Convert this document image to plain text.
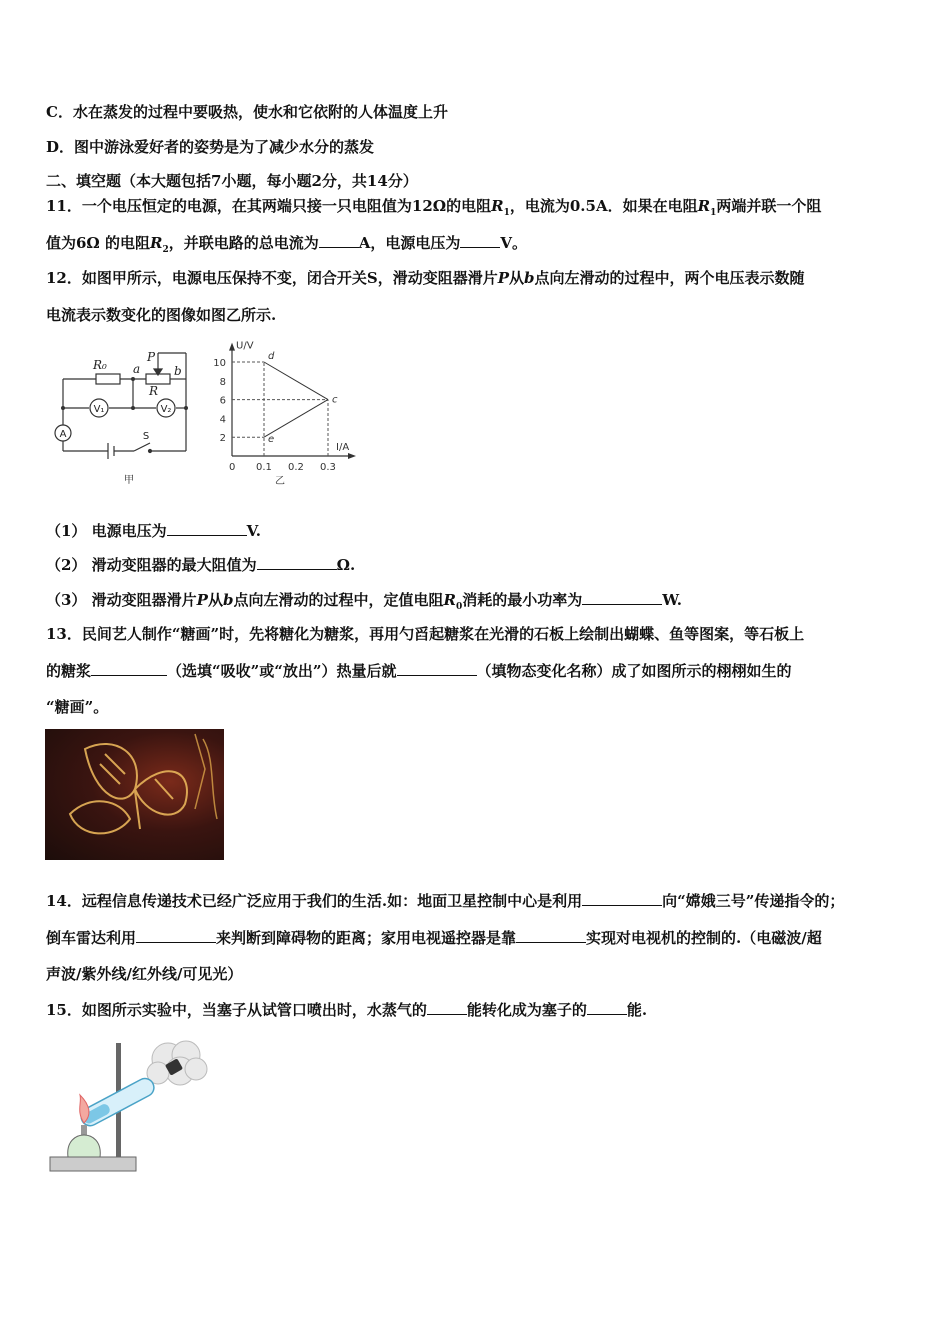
C．水在蒸发的过程中要吸热，使水和它依附的人体温度上升
D．图中游泳爱好者的姿势是为了减少水分的蒸发
二、填空题（本大题包括7小题，每小题2分，共14分）
11．一个电压恒定的电源，在其两端只接一只电阻值为12Ω的电阻$R_1$，电流为0.5A．如果在电阻$R_1$两端并联一个阻
值为6Ω 的电阻$R_2$，并联电路的总电流为	A，电源电压为	V。
12．如图甲所示，电源电压保持不变，闭合开关S，滑动变阻器滑片P从b点向左滑动的过程中，两个电压表示数随
电流表示数变化的图像如图乙所示.
R₀ a
P
b
R
V₁	V₂
A	S
甲
U/V
I/A
0 0.1 0.2 0.3
2
4
6
8
10
d
c
e
乙
（1） 电源电压为	V.
（2） 滑动变阻器的最大阻值为	Ω.
（3） 滑动变阻器滑片P从b点向左滑动的过程中，定值电阻$R_0$消耗的最小功率为	W.
13．民间艺人制作“糖画”时，先将糖化为糖浆，再用勺舀起糖浆在光滑的石板上绘制出蝴蝶、鱼等图案，等石板上
的糖浆	（选填“吸收”或“放出”）热量后就	（填物态变化名称）成了如图所示的栩栩如生的
“糖画”。
14．远程信息传递技术已经广泛应用于我们的生活.如：地面卫星控制中心是利用	向“嫦娥三号”传递指令的；
倒车雷达利用	来判断到障碍物的距离；家用电视遥控器是靠	实现对电视机的控制的.（电磁波/超
声波/紫外线/红外线/可见光）
15．如图所示实验中，当塞子从试管口喷出时，水蒸气的	能转化成为塞子的	能.
